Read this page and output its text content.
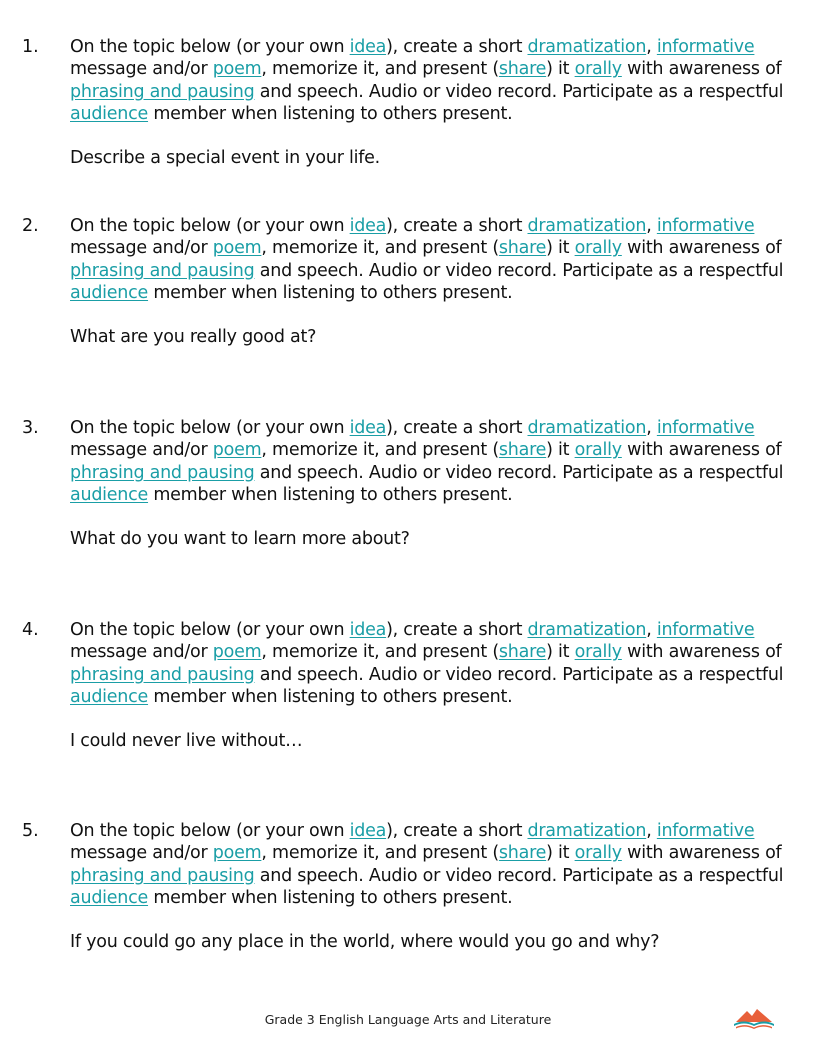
1. On the topic below (or your own idea), create a short dramatization, informative message and/or poem, memorize it, and present (share) it orally with awareness of phrasing and pausing and speech. Audio or video record. Participate as a respectful audience member when listening to others present.
Describe a special event in your life.
2. On the topic below (or your own idea), create a short dramatization, informative message and/or poem, memorize it, and present (share) it orally with awareness of phrasing and pausing and speech. Audio or video record. Participate as a respectful audience member when listening to others present.
What are you really good at?
3. On the topic below (or your own idea), create a short dramatization, informative message and/or poem, memorize it, and present (share) it orally with awareness of phrasing and pausing and speech. Audio or video record. Participate as a respectful audience member when listening to others present.
What do you want to learn more about?
4. On the topic below (or your own idea), create a short dramatization, informative message and/or poem, memorize it, and present (share) it orally with awareness of phrasing and pausing and speech. Audio or video record. Participate as a respectful audience member when listening to others present.
I could never live without…
5. On the topic below (or your own idea), create a short dramatization, informative message and/or poem, memorize it, and present (share) it orally with awareness of phrasing and pausing and speech. Audio or video record. Participate as a respectful audience member when listening to others present.
If you could go any place in the world, where would you go and why?
Grade 3 English Language Arts and Literature
